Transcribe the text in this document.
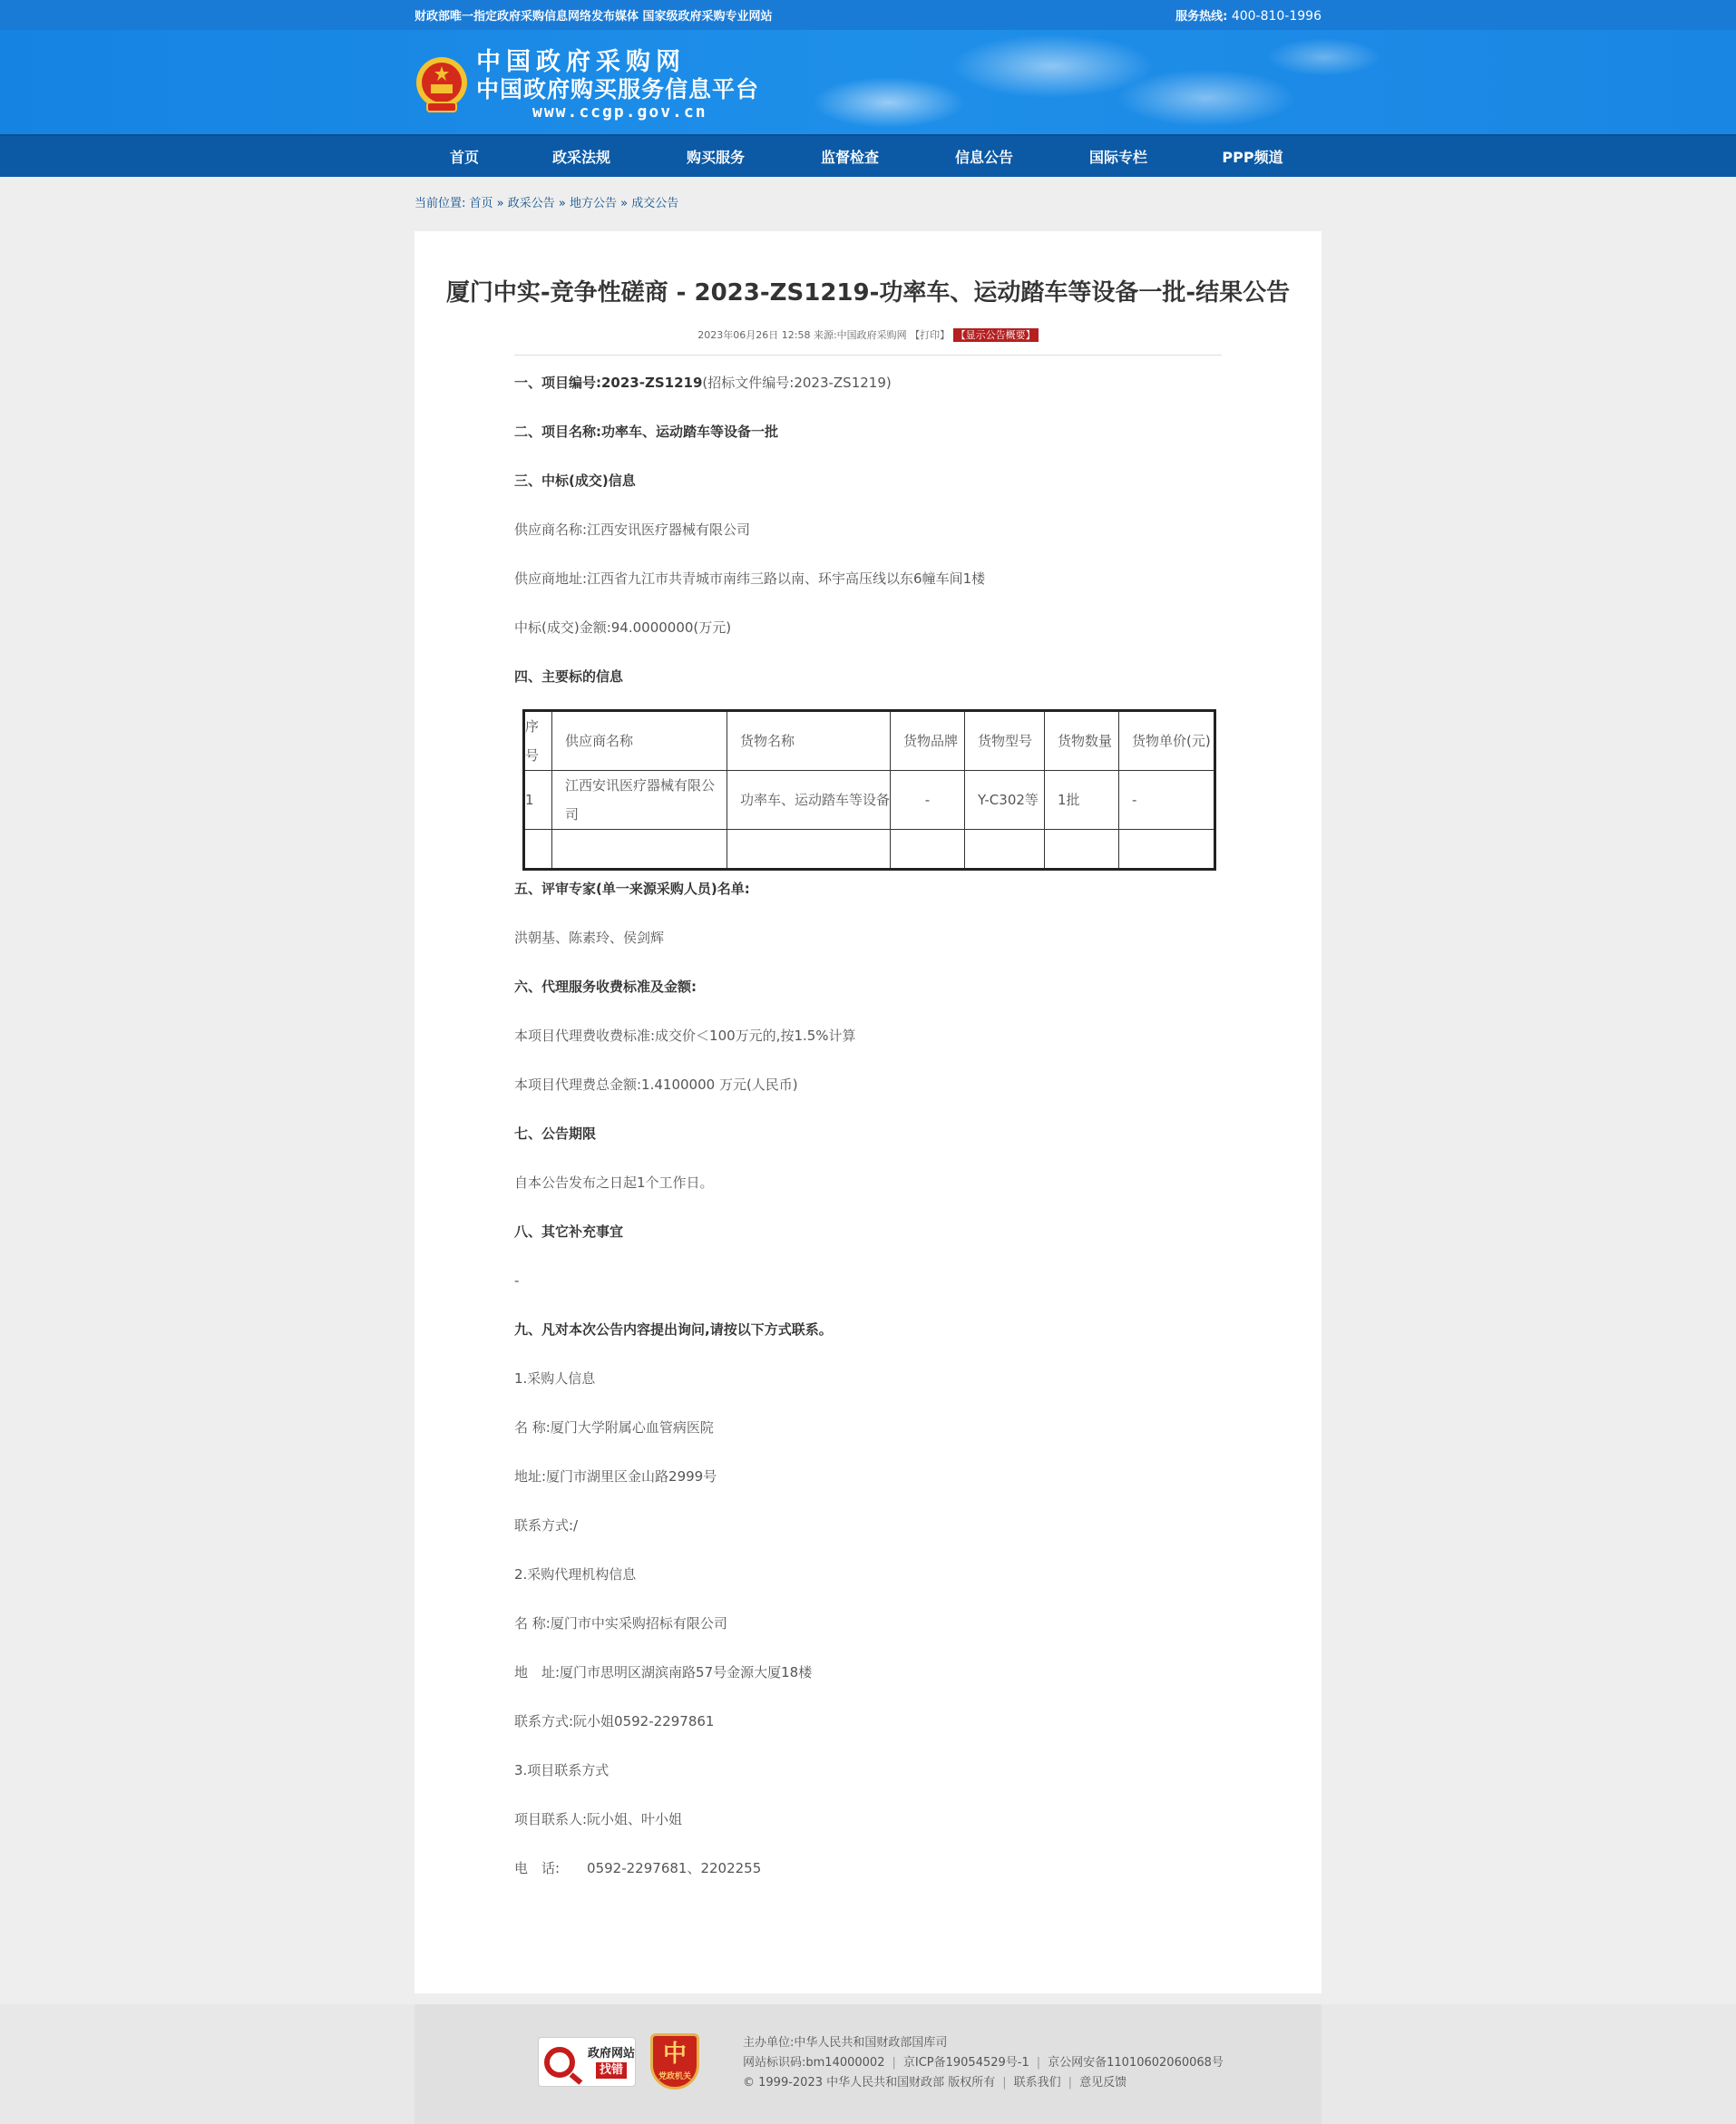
财政部唯一指定政府采购信息网络发布媒体 国家级政府采购专业网站	服务热线: 400-810-1996
中国政府采购网
中国政府购买服务信息平台
www.ccgp.gov.cn
首页	政采法规	购买服务	监督检查	信息公告	国际专栏	PPP频道
当前位置: 首页 » 政采公告 » 地方公告 » 成交公告
厦门中实-竞争性磋商 - 2023-ZS1219-功率车、运动踏车等设备一批-结果公告
2023年06月26日 12:58 来源:中国政府采购网 【打印】 【显示公告概要】

一、项目编号:2023-ZS1219(招标文件编号:2023-ZS1219)

二、项目名称:功率车、运动踏车等设备一批

三、中标(成交)信息

供应商名称:江西安讯医疗器械有限公司

供应商地址:江西省九江市共青城市南纬三路以南、环宇高压线以东6幢车间1楼

中标(成交)金额:94.0000000(万元)

四、主要标的信息

序号	供应商名称	货物名称	货物品牌	货物型号	货物数量	货物单价(元)
1	江西安讯医疗器械有限公司	功率车、运动踏车等设备	-	Y-C302等	1批	-

五、评审专家(单一来源采购人员)名单:

洪朝基、陈素玲、侯剑辉

六、代理服务收费标准及金额:

本项目代理费收费标准:成交价＜100万元的,按1.5%计算

本项目代理费总金额:1.4100000 万元(人民币)

七、公告期限

自本公告发布之日起1个工作日。

八、其它补充事宜

-

九、凡对本次公告内容提出询问,请按以下方式联系。

1.采购人信息

名 称:厦门大学附属心血管病医院

地址:厦门市湖里区金山路2999号

联系方式:/

2.采购代理机构信息

名 称:厦门市中实采购招标有限公司

地　址:厦门市思明区湖滨南路57号金源大厦18楼

联系方式:阮小姐0592-2297861

3.项目联系方式

项目联系人:阮小姐、叶小姐

电　话:　　0592-2297681、2202255

政府网站
找错
中
党政机关
主办单位:中华人民共和国财政部国库司
网站标识码:bm14000002 | 京ICP备19054529号-1 | 京公网安备11010602060068号
© 1999-2023 中华人民共和国财政部 版权所有 | 联系我们 | 意见反馈
